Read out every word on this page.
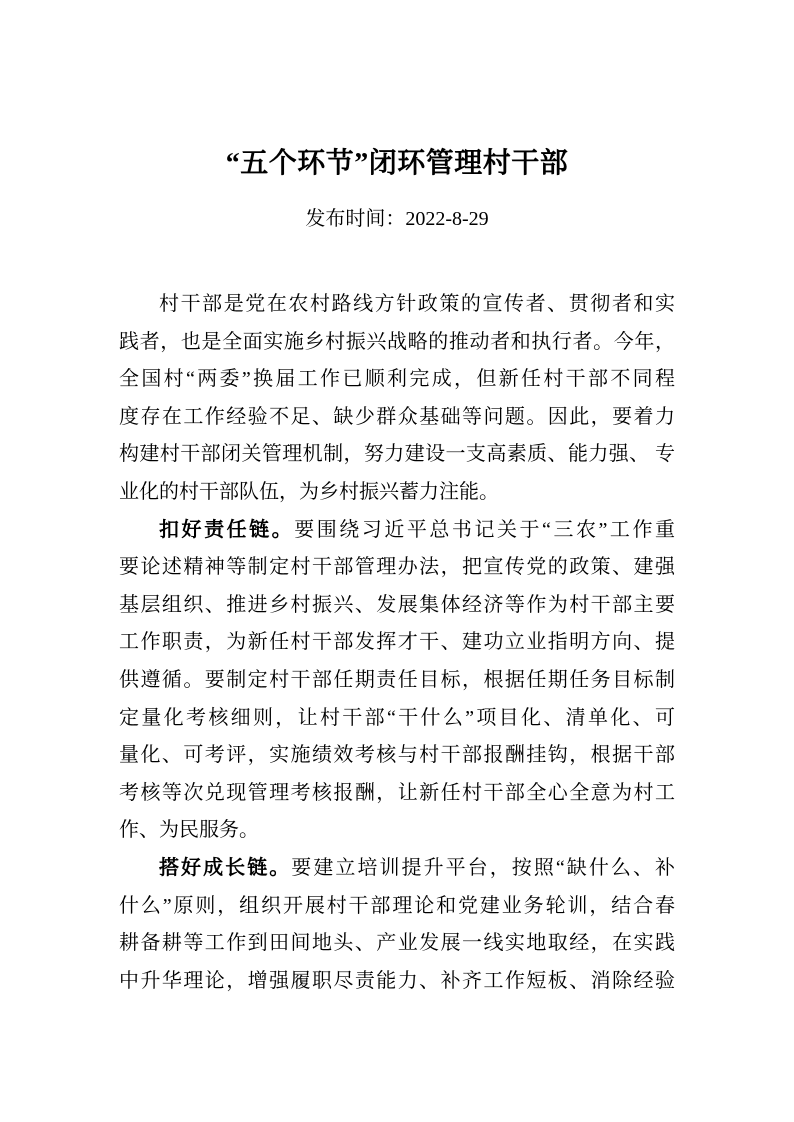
“五个环节”闭环管理村干部
发布时间：2022-8-29
村干部是党在农村路线方针政策的宣传者、贯彻者和实
践者，也是全面实施乡村振兴战略的推动者和执行者。今年，
全国村“两委”换届工作已顺利完成，但新任村干部不同程
度存在工作经验不足、缺少群众基础等问题。因此，要着力
构建村干部闭关管理机制，努力建设一支高素质、能力强、 专
业化的村干部队伍，为乡村振兴蓄力注能。
扣好责任链。要围绕习近平总书记关于“三农”工作重
要论述精神等制定村干部管理办法，把宣传党的政策、建强
基层组织、推进乡村振兴、发展集体经济等作为村干部主要
工作职责，为新任村干部发挥才干、建功立业指明方向、提
供遵循。要制定村干部任期责任目标，根据任期任务目标制
定量化考核细则，让村干部“干什么”项目化、清单化、可
量化、可考评，实施绩效考核与村干部报酬挂钩，根据干部
考核等次兑现管理考核报酬，让新任村干部全心全意为村工
作、为民服务。
搭好成长链。要建立培训提升平台，按照“缺什么、补
什么”原则，组织开展村干部理论和党建业务轮训，结合春
耕备耕等工作到田间地头、产业发展一线实地取经，在实践
中升华理论，增强履职尽责能力、补齐工作短板、消除经验
